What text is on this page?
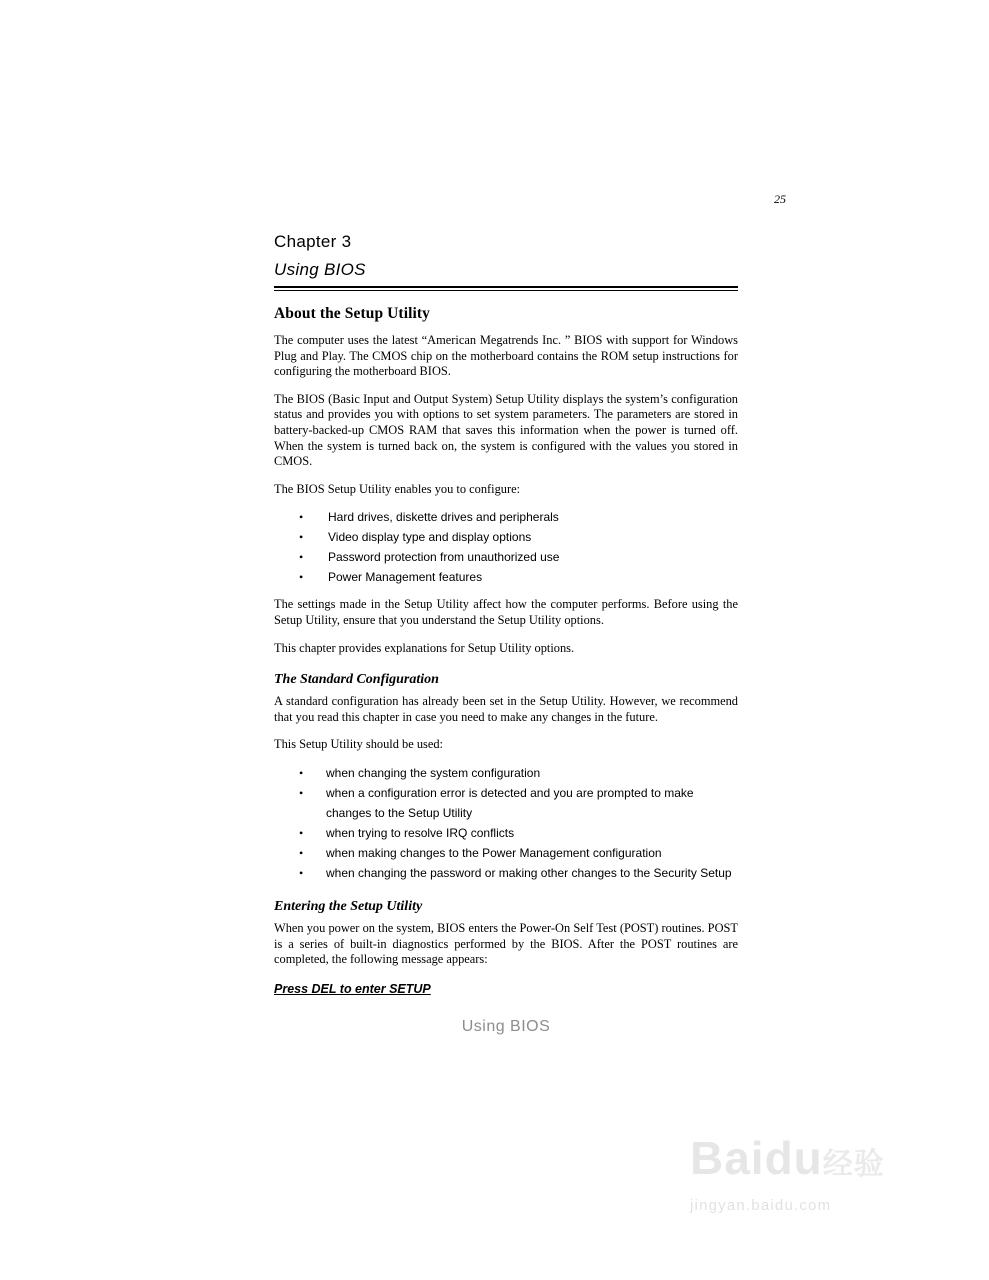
25
Chapter 3
Using BIOS
About the Setup Utility

The computer uses the latest “American Megatrends Inc. ” BIOS with support for Windows Plug and Play. The CMOS chip on the motherboard contains the ROM setup instructions for configuring the motherboard BIOS.

The BIOS (Basic Input and Output System) Setup Utility displays the system’s configuration status and provides you with options to set system parameters. The parameters are stored in battery-backed-up CMOS RAM that saves this information when the power is turned off. When the system is turned back on, the system is configured with the values you stored in CMOS.

The BIOS Setup Utility enables you to configure:

• Hard drives, diskette drives and peripherals
• Video display type and display options
• Password protection from unauthorized use
• Power Management features

The settings made in the Setup Utility affect how the computer performs. Before using the Setup Utility, ensure that you understand the Setup Utility options.

This chapter provides explanations for Setup Utility options.

The Standard Configuration

A standard configuration has already been set in the Setup Utility. However, we recommend that you read this chapter in case you need to make any changes in the future.

This Setup Utility should be used:

• when changing the system configuration
• when a configuration error is detected and you are prompted to make changes to the Setup Utility
• when trying to resolve IRQ conflicts
• when making changes to the Power Management configuration
• when changing the password or making other changes to the Security Setup
Entering the Setup Utility

When you power on the system, BIOS enters the Power-On Self Test (POST) routines. POST is a series of built-in diagnostics performed by the BIOS. After the POST routines are completed, the following message appears:

Press DEL to enter SETUP
Using BIOS
Baidu经验
jingyan.baidu.com
